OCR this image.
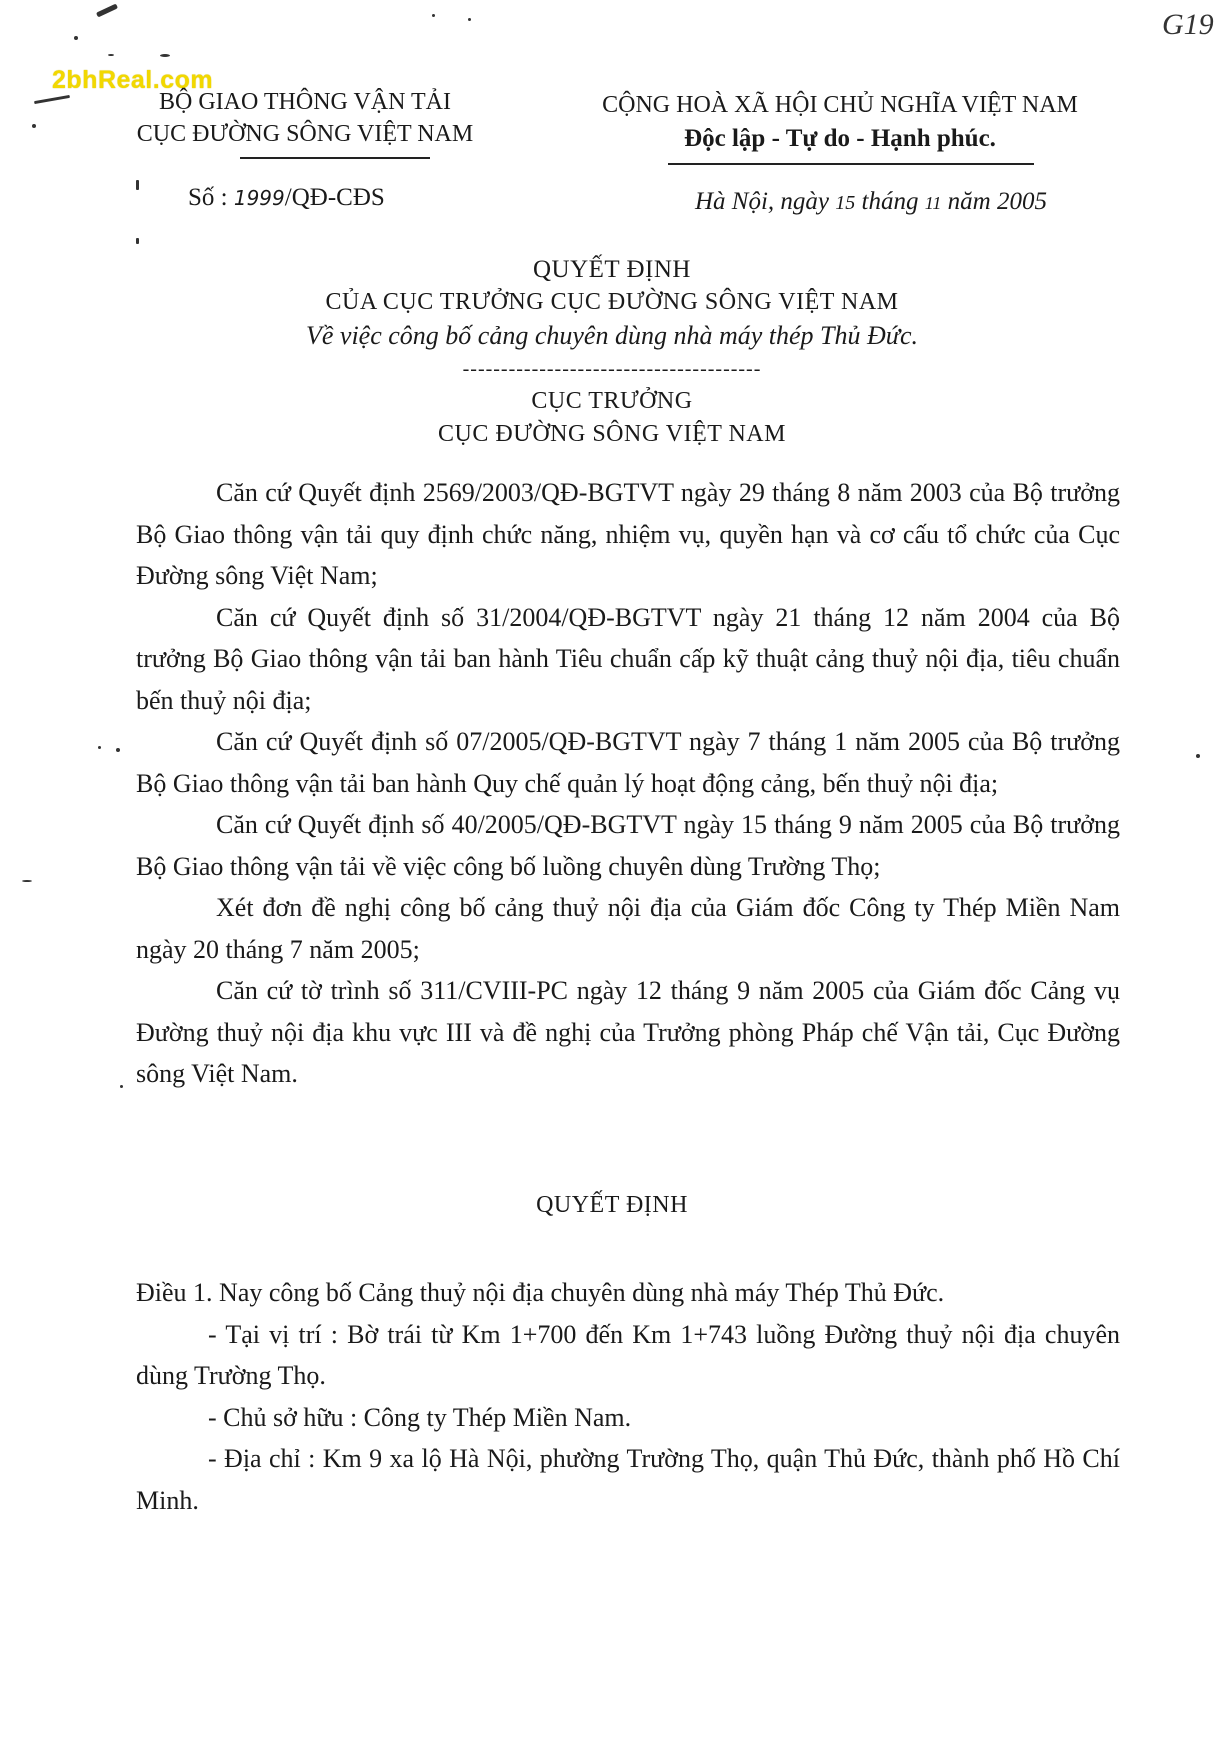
2bhReal.com
G19
BỘ GIAO THÔNG VẬN TẢI
CỤC ĐƯỜNG SÔNG VIỆT NAM
CỘNG HOÀ XÃ HỘI CHỦ NGHĨA VIỆT NAM
Độc lập - Tự do - Hạnh phúc.
Số : 1999/QĐ-CĐS	Hà Nội, ngày 15 tháng 11 năm 2005
QUYẾT ĐỊNH
CỦA CỤC TRƯỞNG CỤC ĐƯỜNG SÔNG VIỆT NAM
Về việc công bố cảng chuyên dùng nhà máy thép Thủ Đức.
---------------------------------------
CỤC TRƯỞNG
CỤC ĐƯỜNG SÔNG VIỆT NAM

Căn cứ Quyết định 2569/2003/QĐ-BGTVT ngày 29 tháng 8 năm 2003 của Bộ trưởng Bộ Giao thông vận tải quy định chức năng, nhiệm vụ, quyền hạn và cơ cấu tổ chức của Cục Đường sông Việt Nam;

Căn cứ Quyết định số 31/2004/QĐ-BGTVT ngày 21 tháng 12 năm 2004 của Bộ trưởng Bộ Giao thông vận tải ban hành Tiêu chuẩn cấp kỹ thuật cảng thuỷ nội địa, tiêu chuẩn bến thuỷ nội địa;

Căn cứ Quyết định số 07/2005/QĐ-BGTVT ngày 7 tháng 1 năm 2005 của Bộ trưởng Bộ Giao thông vận tải ban hành Quy chế quản lý hoạt động cảng, bến thuỷ nội địa;

Căn cứ Quyết định số 40/2005/QĐ-BGTVT ngày 15 tháng 9 năm 2005 của Bộ trưởng Bộ Giao thông vận tải về việc công bố luồng chuyên dùng Trường Thọ;

Xét đơn đề nghị công bố cảng thuỷ nội địa của Giám đốc Công ty Thép Miền Nam ngày 20 tháng 7 năm 2005;

Căn cứ tờ trình số 311/CVIII-PC ngày 12 tháng 9 năm 2005 của Giám đốc Cảng vụ Đường thuỷ nội địa khu vực III và đề nghị của Trưởng phòng Pháp chế Vận tải, Cục Đường sông Việt Nam.

QUYẾT ĐỊNH

Điều 1. Nay công bố Cảng thuỷ nội địa chuyên dùng nhà máy Thép Thủ Đức.

- Tại vị trí : Bờ trái từ Km 1+700 đến Km 1+743 luồng Đường thuỷ nội địa chuyên dùng Trường Thọ.

- Chủ sở hữu : Công ty Thép Miền Nam.

- Địa chỉ : Km 9 xa lộ Hà Nội, phường Trường Thọ, quận Thủ Đức, thành phố Hồ Chí Minh.
